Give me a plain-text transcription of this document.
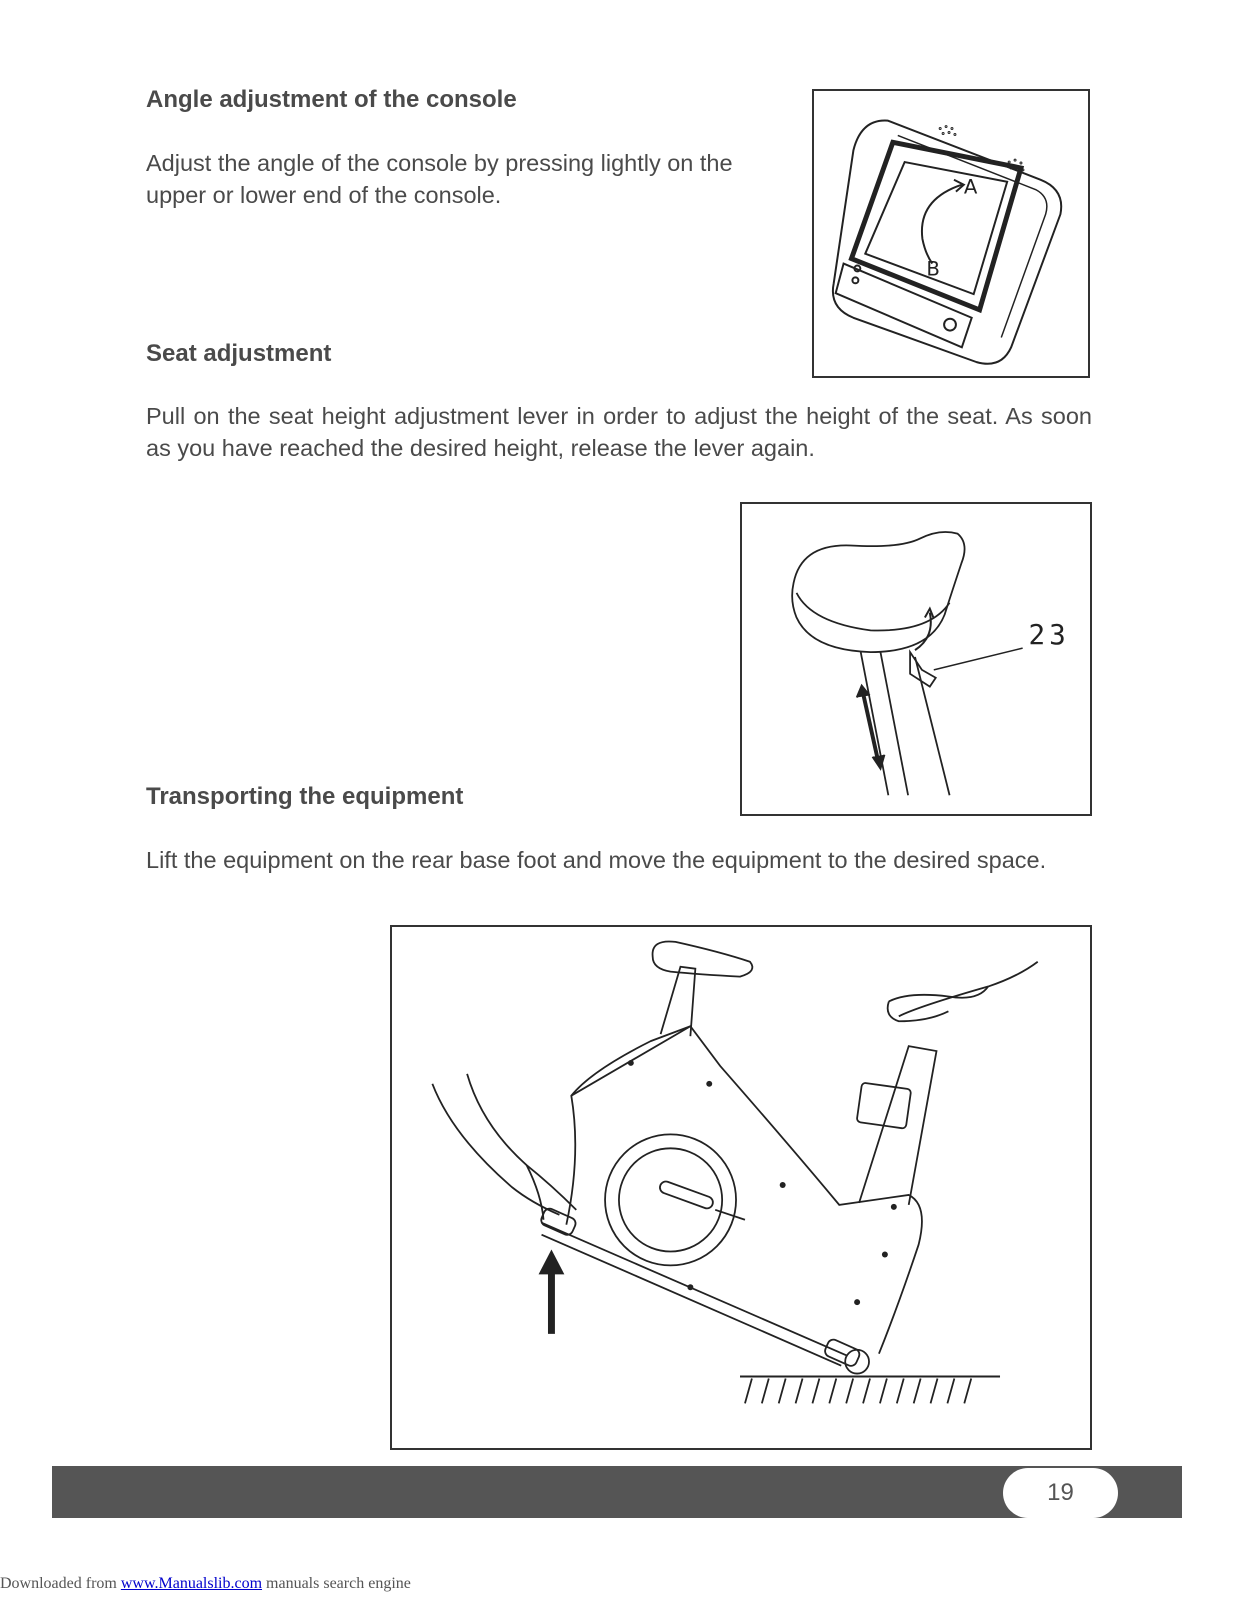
Angle adjustment of the console

Adjust the angle of the console by pressing lightly on the upper or lower end of the console.	A
B
Seat adjustment

Pull on the seat height adjustment lever in order to adjust the height of the seat. As soon as you have reached the desired height, release the lever again.

23
Transporting the equipment

Lift the equipment on the rear base foot and move the equipment to the desired space.

19
Downloaded from www.Manualslib.com manuals search engine
